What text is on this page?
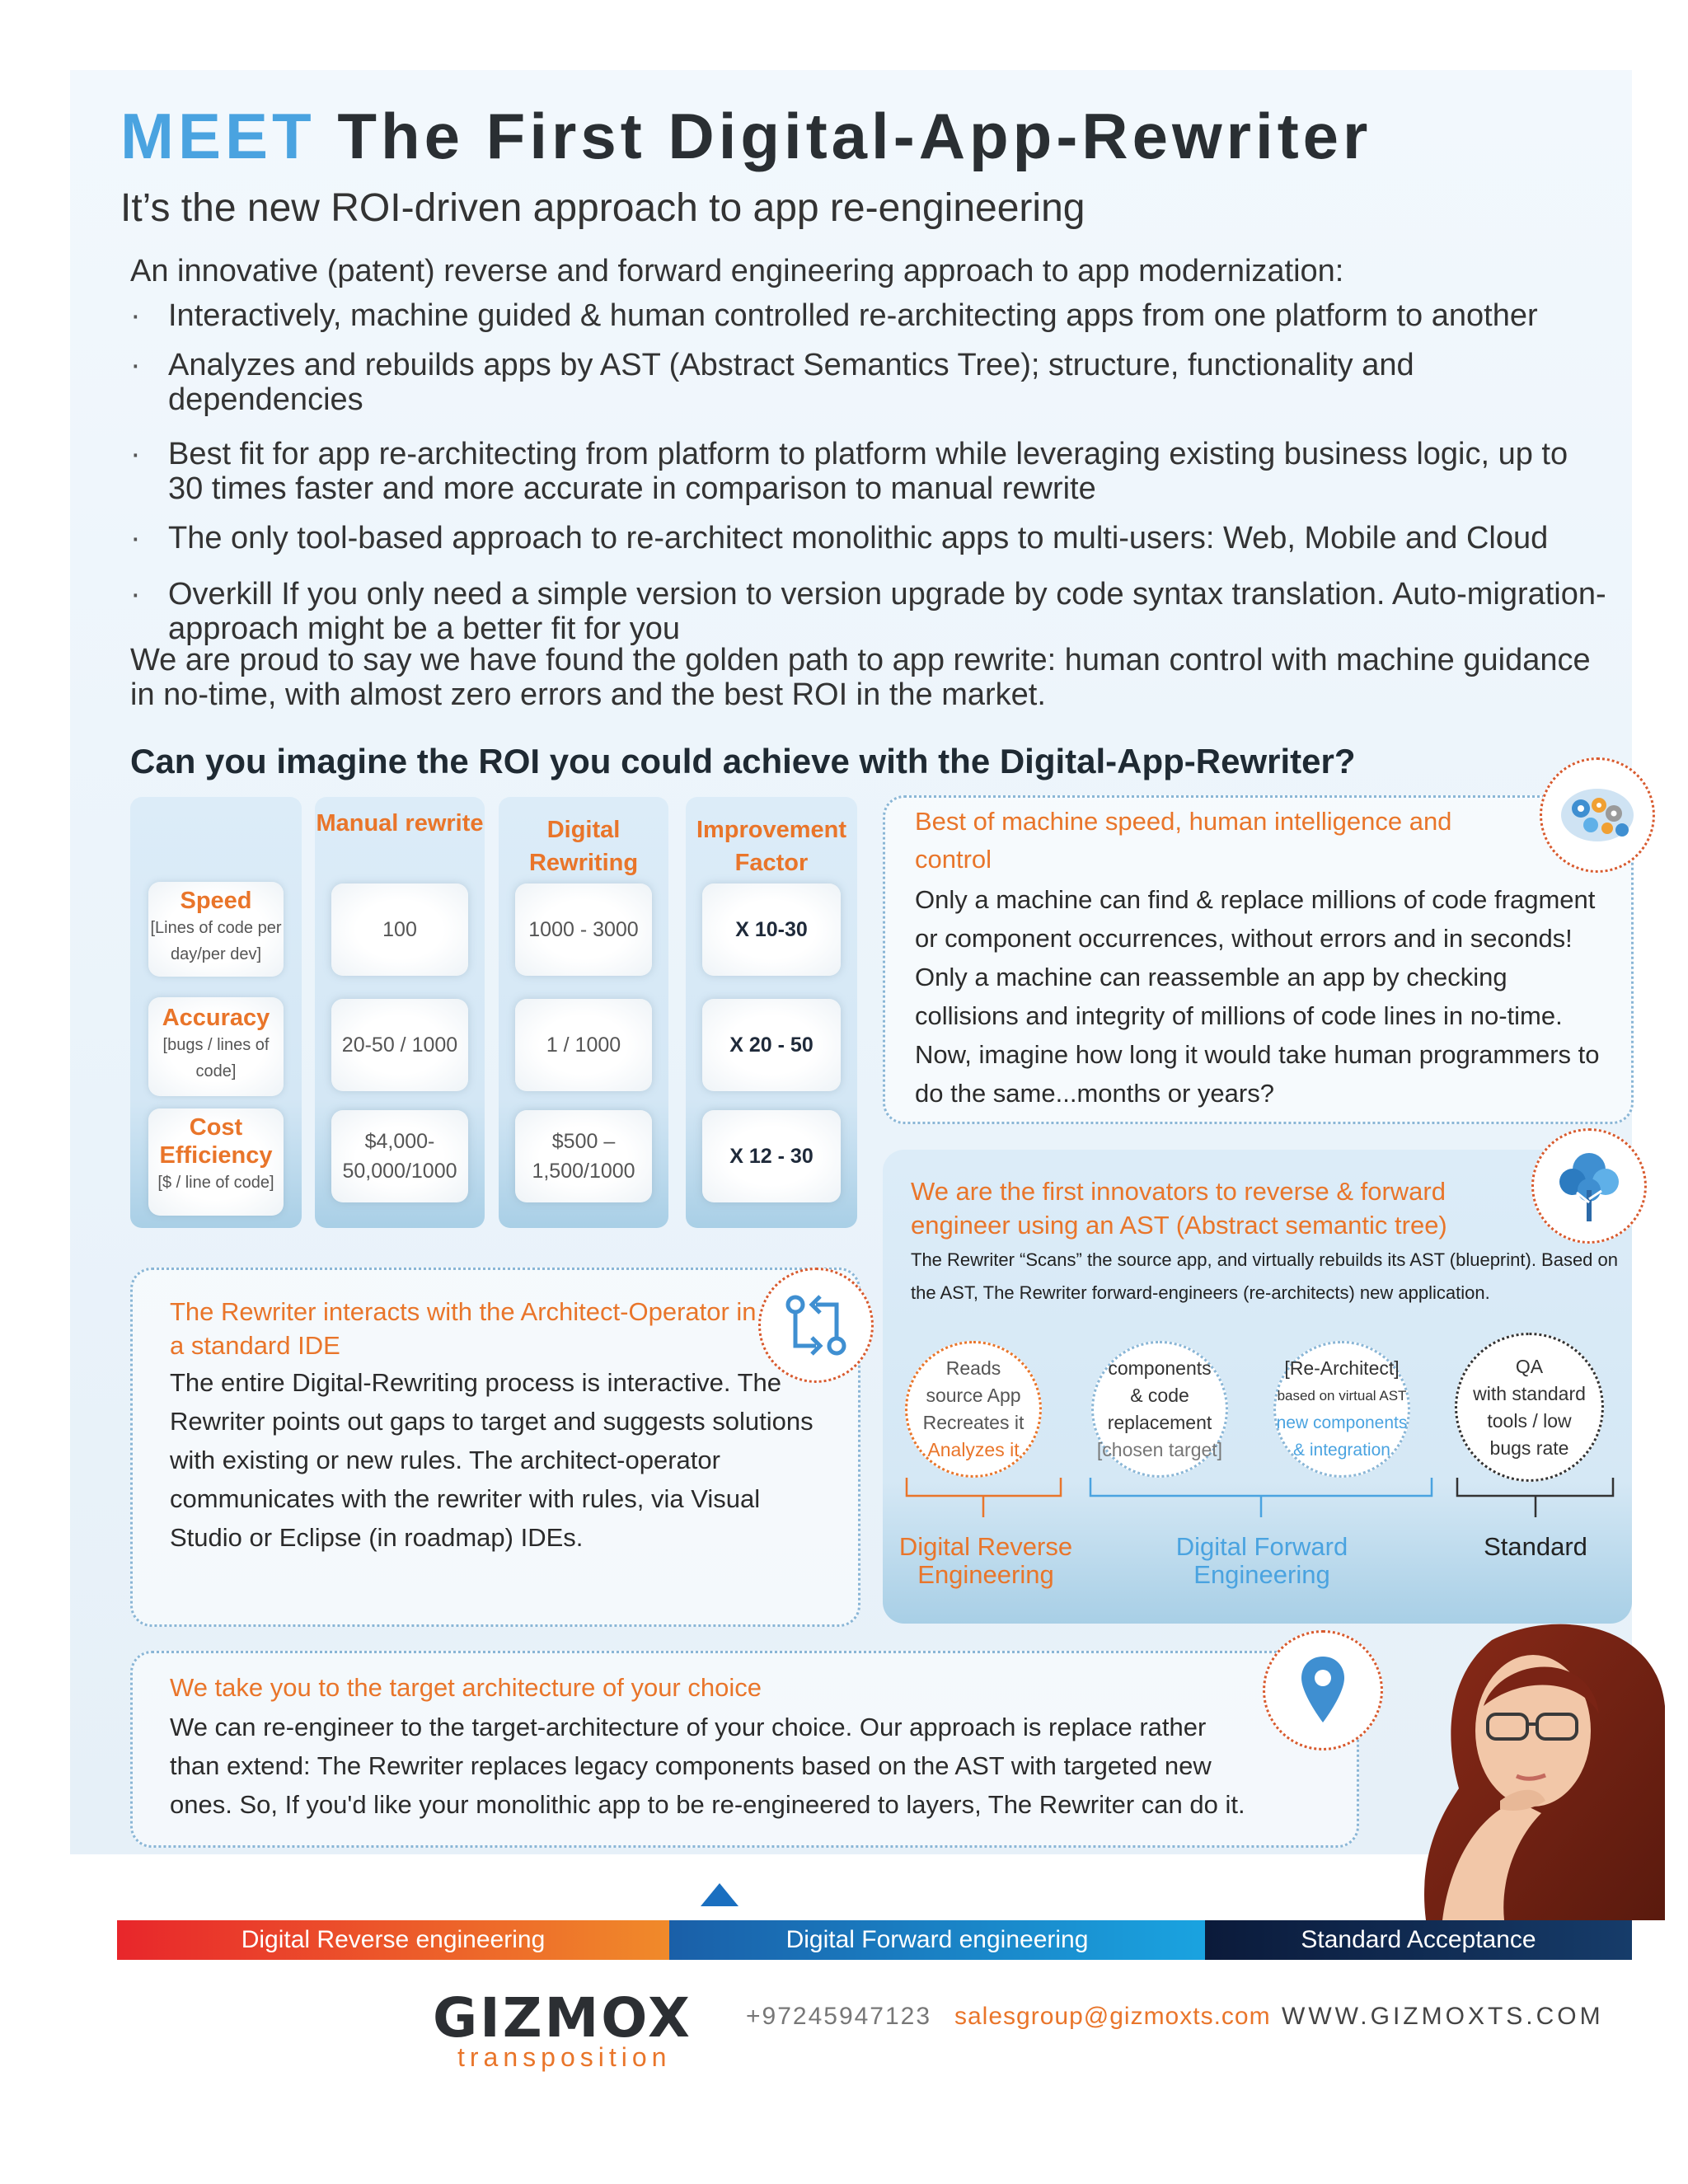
MEET The First Digital-App-Rewriter
It’s the new ROI-driven approach to app re-engineering
An innovative (patent) reverse and forward engineering approach to app modernization:
· Interactively, machine guided & human controlled re-architecting apps from one platform to another
· Analyzes and rebuilds apps by AST (Abstract Semantics Tree); structure, functionality and dependencies
· Best fit for app re-architecting from platform to platform while leveraging existing business logic, up to 30 times faster and more accurate in comparison to manual rewrite
· The only tool-based approach to re-architect monolithic apps to multi-users: Web, Mobile and Cloud
· Overkill If you only need a simple version to version upgrade by code syntax translation. Auto-migration-approach might be a better fit for you
We are proud to say we have found the golden path to app rewrite: human control with machine guidance in no-time, with almost zero errors and the best ROI in the market.
Can you imagine the ROI you could achieve with the Digital-App-Rewriter?
Speed
[Lines of code per day/per dev]
Accuracy
[bugs / lines of code]
Cost Efficiency
[$ / line of code]
Manual rewrite
100
20-50 / 1000
$4,000-50,000/1000
Digital Rewriting
1000 - 3000
1 / 1000
$500 – 1,500/1000
Improvement Factor
X 10-30
X 20 - 50
X 12 - 30
Best of machine speed, human intelligence and control
Only a machine can find & replace millions of code fragment or component occurrences, without errors and in seconds! Only a machine can reassemble an app by checking collisions and integrity of millions of code lines in no-time. Now, imagine how long it would take human programmers to do the same...months or years?
We are the first innovators to reverse & forward engineer using an AST (Abstract semantic tree)
The Rewriter “Scans” the source app, and virtually rebuilds its AST (blueprint). Based on the AST, The Rewriter forward-engineers (re-architects) new application.
Reads
source App
Recreates it
Analyzes it
components
& code
replacement
[chosen target]
[Re-Architect]
based on virtual AST
new components
& integration
QA
with standard
tools / low
bugs rate
Digital Reverse Engineering
Digital Forward Engineering
Standard
The Rewriter interacts with the Architect-Operator in a standard IDE
The entire Digital-Rewriting process is interactive. The Rewriter points out gaps to target and suggests solutions with existing or new rules. The architect-operator communicates with the rewriter with rules, via Visual Studio or Eclipse (in roadmap) IDEs.
We take you to the target architecture of your choice
We can re-engineer to the target-architecture of your choice. Our approach is replace rather than extend: The Rewriter replaces legacy components based on the AST with targeted new ones. So, If you'd like your monolithic app to be re-engineered to layers, The Rewriter can do it.
Digital Reverse engineering	Digital Forward engineering	Standard Acceptance
GIZMOX
transposition
+97245947123 salesgroup@gizmoxts.com WWW.GIZMOXTS.COM
